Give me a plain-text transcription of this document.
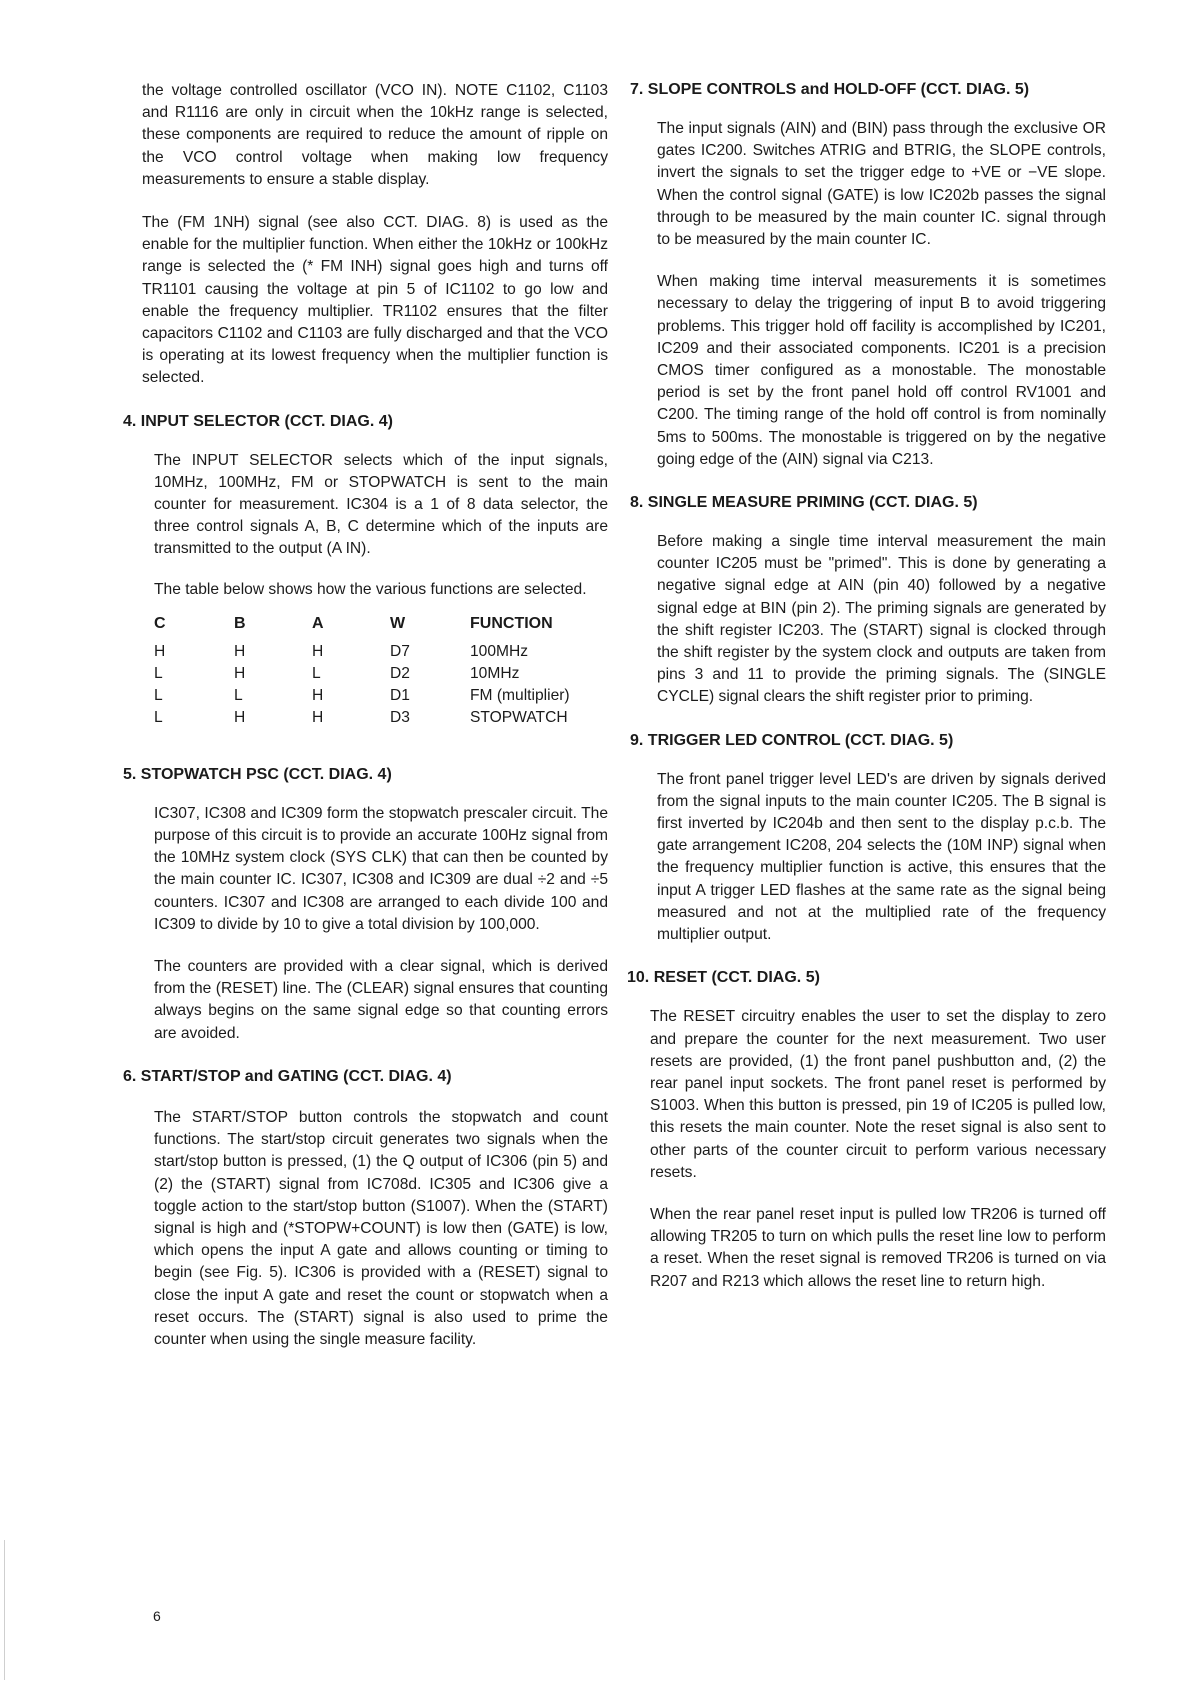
the voltage controlled oscillator (VCO IN). NOTE C1102, C1103 and R1116 are only in circuit when the 10kHz range is selected, these components are required to reduce the amount of ripple on the VCO control voltage when making low frequency measurements to ensure a stable display.

The (FM 1NH) signal (see also CCT. DIAG. 8) is used as the enable for the multiplier function. When either the 10kHz or 100kHz range is selected the (* FM INH) signal goes high and turns off TR1101 causing the voltage at pin 5 of IC1102 to go low and enable the frequency multiplier. TR1102 ensures that the filter capacitors C1102 and C1103 are fully discharged and that the VCO is operating at its lowest frequency when the multiplier function is selected.

4. INPUT SELECTOR (CCT. DIAG. 4)

The INPUT SELECTOR selects which of the input signals, 10MHz, 100MHz, FM or STOPWATCH is sent to the main counter for measurement. IC304 is a 1 of 8 data selector, the three control signals A, B, C determine which of the inputs are transmitted to the output (A IN).

The table below shows how the various functions are selected.

C	B	A	W	FUNCTION
H	H	H	D7	100MHz
L	H	L	D2	10MHz
L	L	H	D1	FM (multiplier)
L	H	H	D3	STOPWATCH
5. STOPWATCH PSC (CCT. DIAG. 4)

IC307, IC308 and IC309 form the stopwatch prescaler circuit. The purpose of this circuit is to provide an accurate 100Hz signal from the 10MHz system clock (SYS CLK) that can then be counted by the main counter IC. IC307, IC308 and IC309 are dual ÷2 and ÷5 counters. IC307 and IC308 are arranged to each divide 100 and IC309 to divide by 10 to give a total division by 100,000.

The counters are provided with a clear signal, which is derived from the (RESET) line. The (CLEAR) signal ensures that counting always begins on the same signal edge so that counting errors are avoided.

6. START/STOP and GATING (CCT. DIAG. 4)

The START/STOP button controls the stopwatch and count functions. The start/stop circuit generates two signals when the start/stop button is pressed, (1) the Q output of IC306 (pin 5) and (2) the (START) signal from IC708d. IC305 and IC306 give a toggle action to the start/stop button (S1007). When the (START) signal is high and (*STOPW+COUNT) is low then (GATE) is low, which opens the input A gate and allows counting or timing to begin (see Fig. 5). IC306 is provided with a (RESET) signal to close the input A gate and reset the count or stopwatch when a reset occurs. The (START) signal is also used to prime the counter when using the single measure facility.

7. SLOPE CONTROLS and HOLD-OFF (CCT. DIAG. 5)

The input signals (AIN) and (BIN) pass through the exclusive OR gates IC200. Switches ATRIG and BTRIG, the SLOPE controls, invert the signals to set the trigger edge to +VE or −VE slope. When the control signal (GATE) is low IC202b passes the signal through to be measured by the main counter IC. signal through to be measured by the main counter IC.

When making time interval measurements it is sometimes necessary to delay the triggering of input B to avoid triggering problems. This trigger hold off facility is accomplished by IC201, IC209 and their associated components. IC201 is a precision CMOS timer configured as a monostable. The monostable period is set by the front panel hold off control RV1001 and C200. The timing range of the hold off control is from nominally 5ms to 500ms. The monostable is triggered on by the negative going edge of the (AIN) signal via C213.

8. SINGLE MEASURE PRIMING (CCT. DIAG. 5)

Before making a single time interval measurement the main counter IC205 must be "primed". This is done by generating a negative signal edge at AIN (pin 40) followed by a negative signal edge at BIN (pin 2). The priming signals are generated by the shift register IC203. The (START) signal is clocked through the shift register by the system clock and outputs are taken from pins 3 and 11 to provide the priming signals. The (SINGLE CYCLE) signal clears the shift register prior to priming.

9. TRIGGER LED CONTROL (CCT. DIAG. 5)

The front panel trigger level LED's are driven by signals derived from the signal inputs to the main counter IC205. The B signal is first inverted by IC204b and then sent to the display p.c.b. The gate arrangement IC208, 204 selects the (10M INP) signal when the frequency multiplier function is active, this ensures that the input A trigger LED flashes at the same rate as the signal being measured and not at the multiplied rate of the frequency multiplier output.

10. RESET (CCT. DIAG. 5)

The RESET circuitry enables the user to set the display to zero and prepare the counter for the next measurement. Two user resets are provided, (1) the front panel pushbutton and, (2) the rear panel input sockets. The front panel reset is performed by S1003. When this button is pressed, pin 19 of IC205 is pulled low, this resets the main counter. Note the reset signal is also sent to other parts of the counter circuit to perform various necessary resets.

When the rear panel reset input is pulled low TR206 is turned off allowing TR205 to turn on which pulls the reset line low to perform a reset. When the reset signal is removed TR206 is turned on via R207 and R213 which allows the reset line to return high.

6
